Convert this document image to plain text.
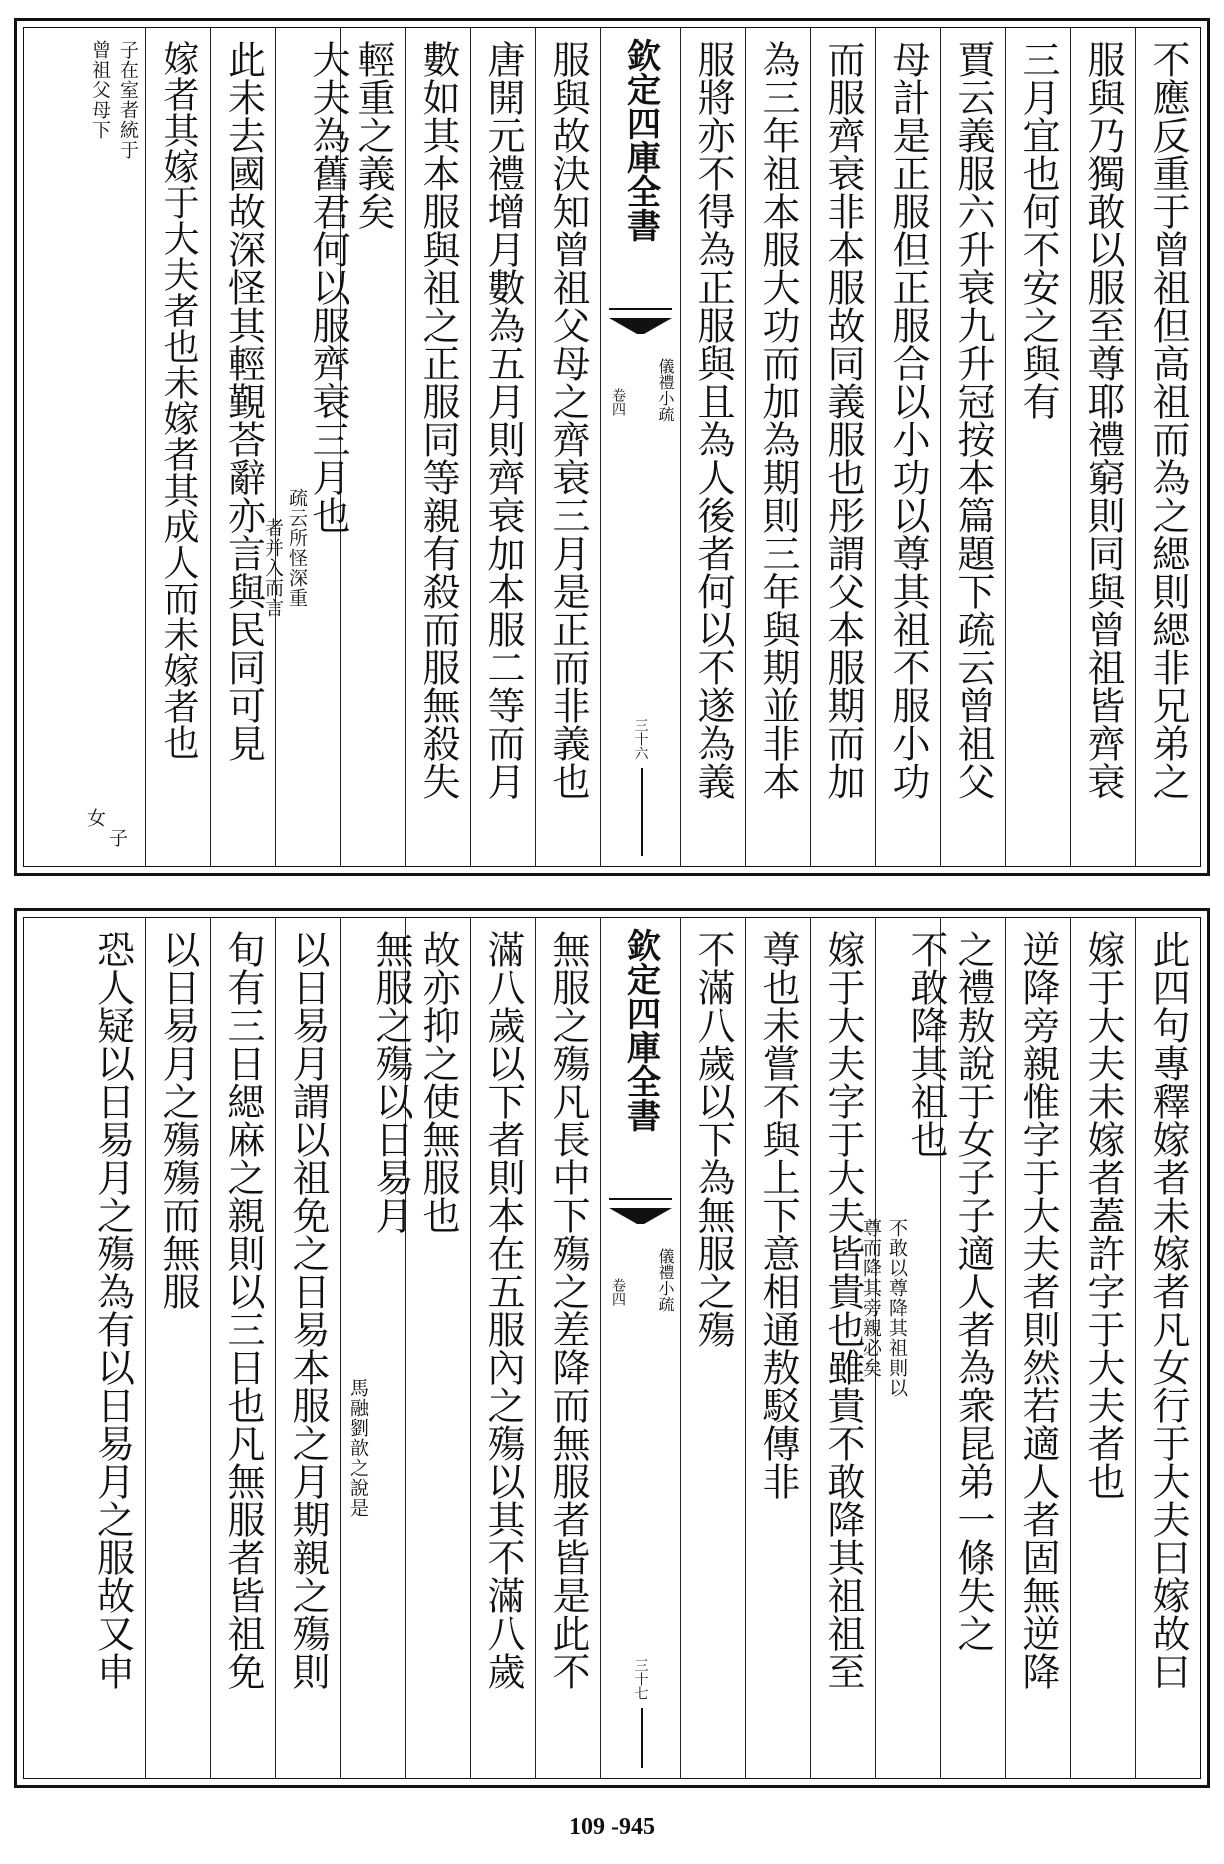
不應反重于曾祖但高祖而為之緦則緦非兄弟之
服與乃獨敢以服至尊耶禮窮則同與曾祖皆齊衰
三月宜也何不安之與有
賈云義服六升衰九升冠按本篇題下疏云曾祖父
母計是正服但正服合以小功以尊其祖不服小功
而服齊衰非本服故同義服也彤謂父本服期而加
為三年祖本服大功而加為期則三年與期並非本
服將亦不得為正服與且為人後者何以不遂為義
欽定四庫全書
儀禮小疏
卷四
三十六
服與故決知曾祖父母之齊衰三月是正而非義也
唐開元禮增月數為五月則齊衰加本服二等而月
數如其本服與祖之正服同等親有殺而服無殺失
輕重之義矣
大夫為舊君何以服齊衰三月也
疏云所怪深重
者并入而言
此未去國故深怪其輕覲荅辭亦言與民同可見
嫁者其嫁于大夫者也未嫁者其成人而未嫁者也
子在室者統于
曾祖父母下
女
子
此四句專釋嫁者未嫁者凡女行于大夫曰嫁故曰
嫁于大夫未嫁者蓋許字于大夫者也
逆降旁親惟字于大夫者則然若適人者固無逆降
之禮敖說于女子子適人者為衆昆弟一條失之
不敢降其祖也
不敢以尊降其祖則以
尊而降其旁親必矣
嫁于大夫字于大夫皆貴也雖貴不敢降其祖祖至
尊也未嘗不與上下意相通敖駁傳非
不滿八歲以下為無服之殤
欽定四庫全書
儀禮小疏
卷四
三十七
無服之殤凡長中下殤之差降而無服者皆是此不
滿八歲以下者則本在五服內之殤以其不滿八歲
故亦抑之使無服也
無服之殤以日易月
馬融劉歆之說是
以日易月謂以祖免之日易本服之月期親之殤則
旬有三日緦麻之親則以三日也凡無服者皆祖免
以日易月之殤殤而無服
恐人疑以日易月之殤為有以日易月之服故又申
109 -945
